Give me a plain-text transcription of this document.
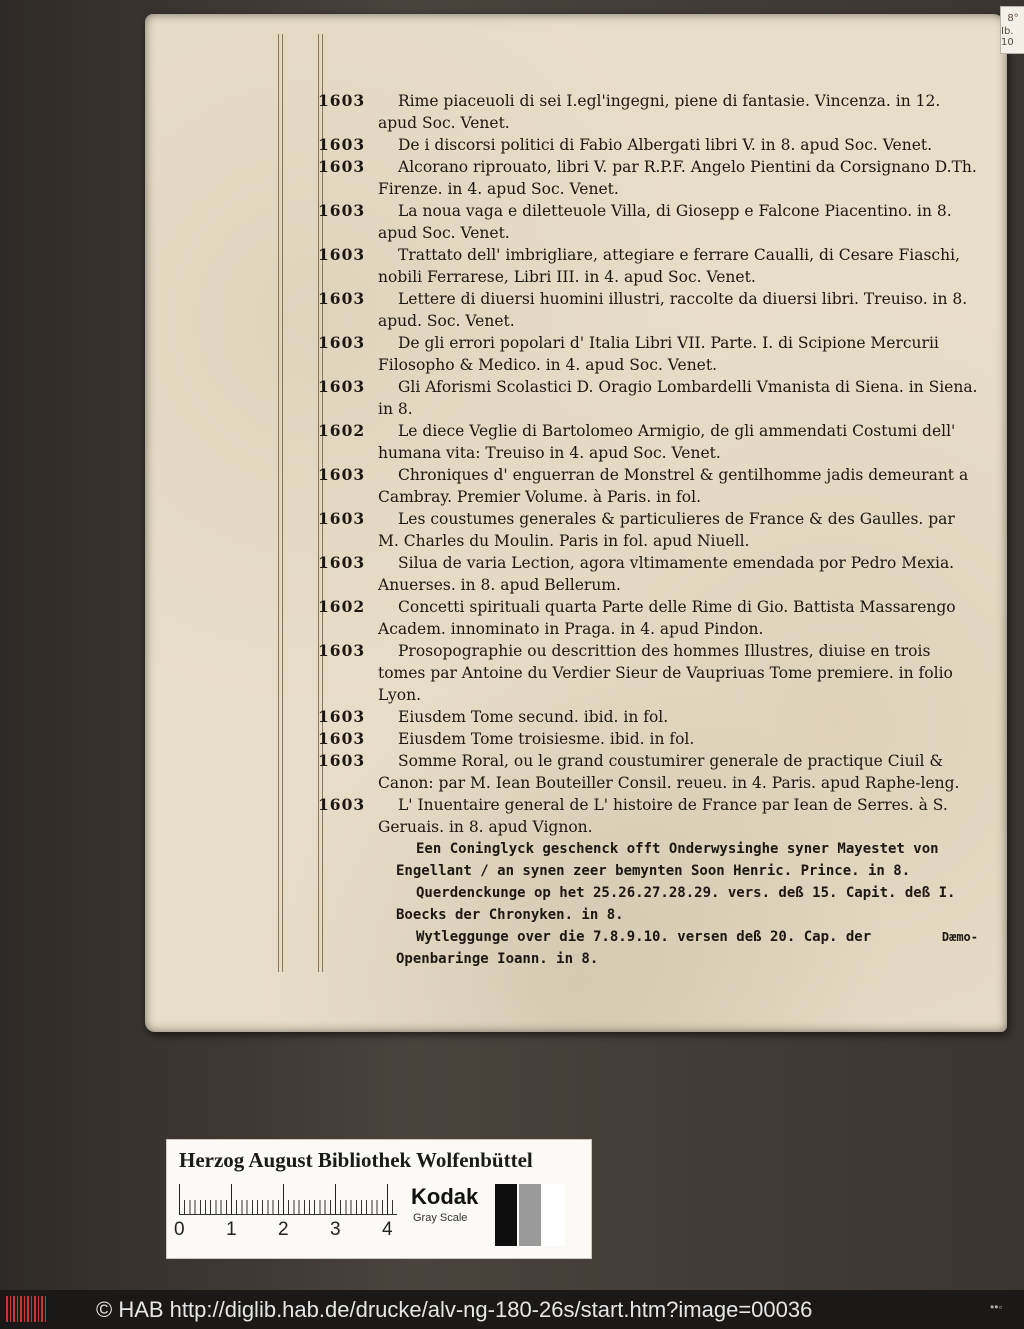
8°
Ib. 10
1603	Rime piaceuoli di sei I.egl'ingegni, piene di fantasie. Vincenza. in 12. apud Soc. Venet.
1603	De i discorsi politici di Fabio Albergati libri V. in 8. apud Soc. Venet.
1603	Alcorano riprouato, libri V. par R.P.F. Angelo Pientini da Corsignano D.Th. Firenze. in 4. apud Soc. Venet.
1603	La noua vaga e diletteuole Villa, di Giosepp e Falcone Piacentino. in 8. apud Soc. Venet.
1603	Trattato dell' imbrigliare, attegiare e ferrare Caualli, di Cesare Fiaschi, nobili Ferrarese, Libri III. in 4. apud Soc. Venet.
1603	Lettere di diuersi huomini illustri, raccolte da diuersi libri. Treuiso. in 8. apud. Soc. Venet.
1603	De gli errori popolari d' Italia Libri VII. Parte. I. di Scipione Mercurii Filosopho & Medico. in 4. apud Soc. Venet.
1603	Gli Aforismi Scolastici D. Oragio Lombardelli Vmanista di Siena. in Siena. in 8.
1602	Le diece Veglie di Bartolomeo Armigio, de gli ammendati Costumi dell' humana vita: Treuiso in 4. apud Soc. Venet.
1603	Chroniques d' enguerran de Monstrel & gentilhomme jadis demeurant a Cambray. Premier Volume. à Paris. in fol.
1603	Les coustumes generales & particulieres de France & des Gaulles. par M. Charles du Moulin. Paris in fol. apud Niuell.
1603	Silua de varia Lection, agora vltimamente emendada por Pedro Mexia. Anuerses. in 8. apud Bellerum.
1602	Concetti spirituali quarta Parte delle Rime di Gio. Battista Massarengo Academ. innominato in Praga. in 4. apud Pindon.
1603	Prosopographie ou descrittion des hommes Illustres, diuise en trois tomes par Antoine du Verdier Sieur de Vaupriuas Tome premiere. in folio Lyon.
1603	Eiusdem Tome secund. ibid. in fol.
1603	Eiusdem Tome troisiesme. ibid. in fol.
1603	Somme Roral, ou le grand coustumirer generale de practique Ciuil & Canon: par M. Iean Bouteiller Consil. reueu. in 4. Paris. apud Raphe-leng.
1603	L' Inuentaire general de L' histoire de France par Iean de Serres. à S. Geruais. in 8. apud Vignon.
Een Coninglyck geschenck offt Onderwysinghe syner Mayestet von Engellant / an synen zeer bemynten Soon Henric. Prince. in 8.
Querdenckunge op het 25.26.27.28.29. vers. deß 15. Capit. deß I. Boecks der Chronyken. in 8.
Wytleggunge over die 7.8.9.10. versen deß 20. Cap. der Openbaringe Ioann. in 8.
Dæmo-
Herzog August Bibliothek Wolfenbüttel
0 1 2 3 4
Kodak
Gray Scale
© HAB http://diglib.hab.de/drucke/alv-ng-180-26s/start.htm?image=00036	••◦
